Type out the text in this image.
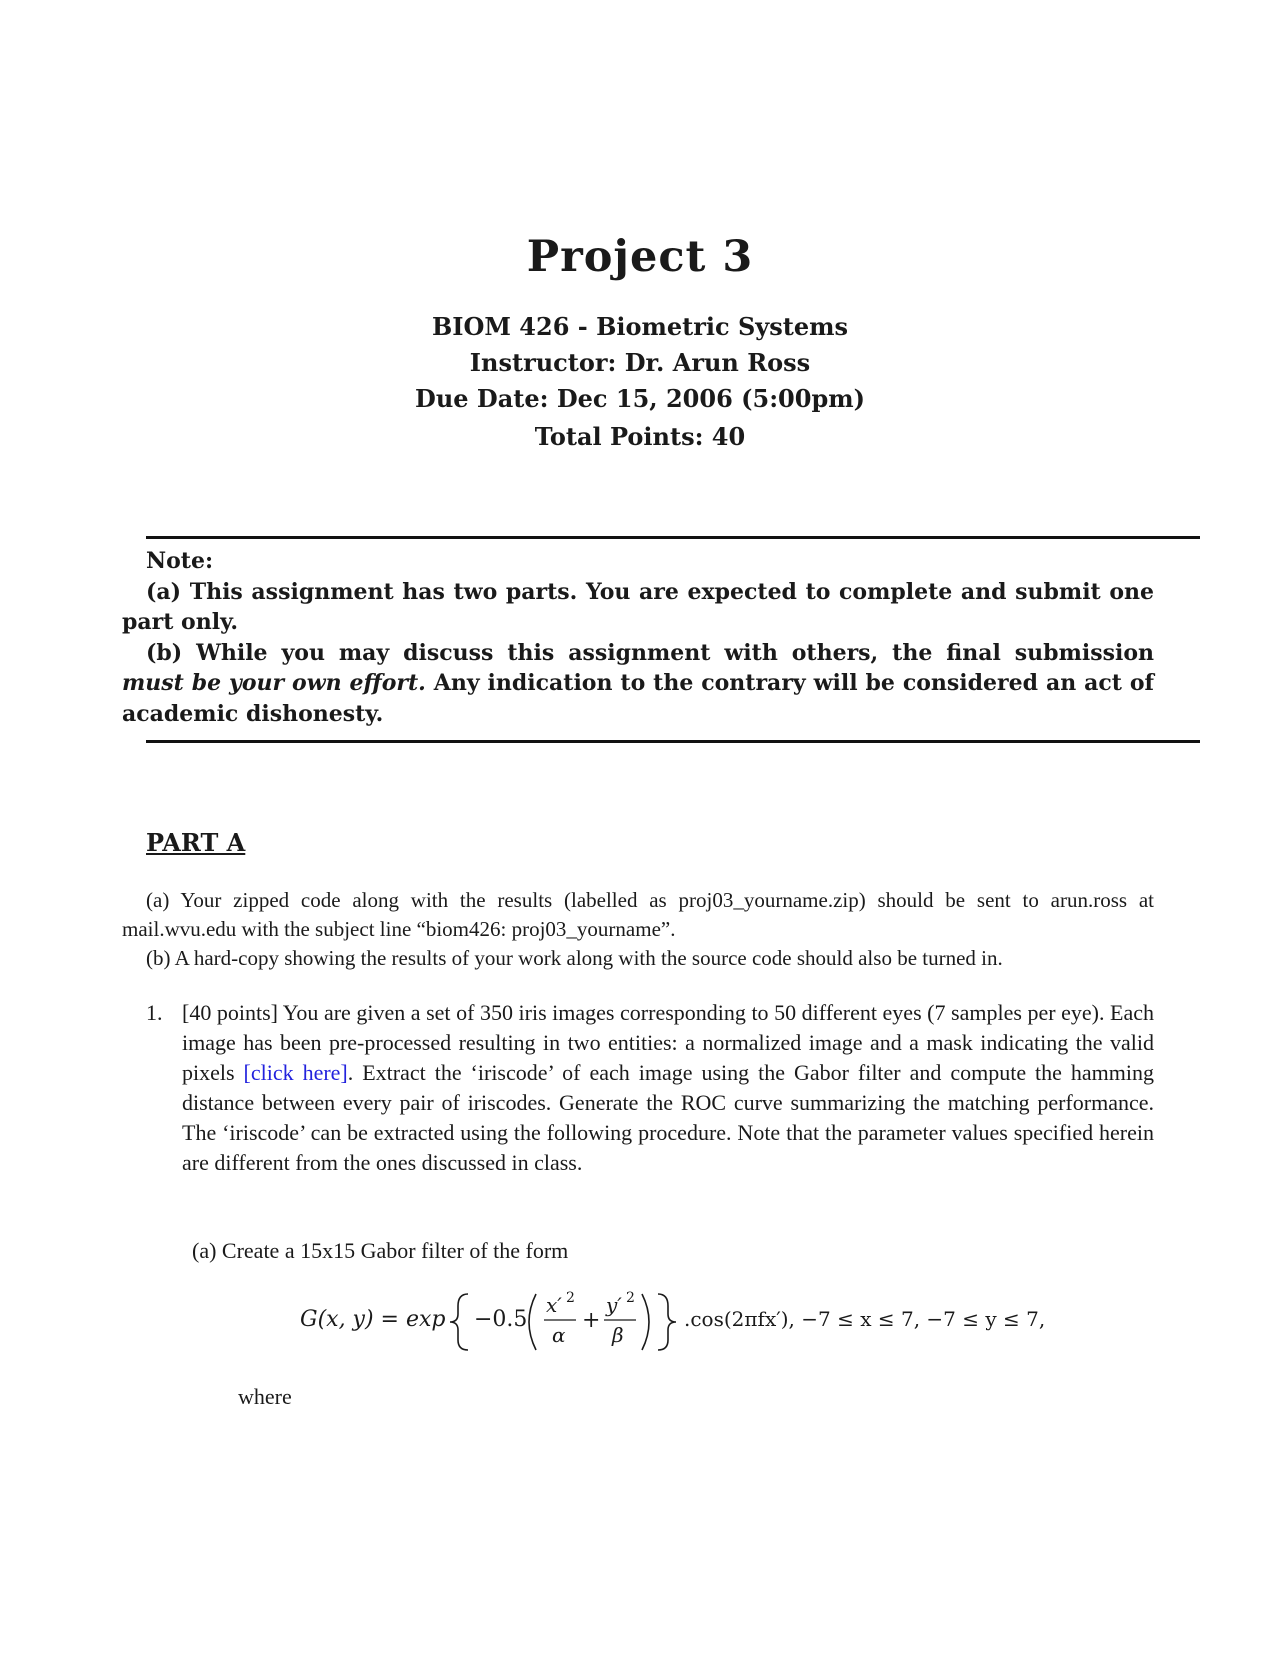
Project 3
BIOM 426 - Biometric Systems
Instructor: Dr. Arun Ross
Due Date: Dec 15, 2006 (5:00pm)
Total Points: 40

Note:

(a) This assignment has two parts. You are expected to complete and submit one part only.

(b) While you may discuss this assignment with others, the final submission must be your own effort. Any indication to the contrary will be considered an act of academic dishonesty.

PART A

(a) Your zipped code along with the results (labelled as proj03_yourname.zip) should be sent to arun.ross at mail.wvu.edu with the subject line “biom426: proj03_yourname”.

(b) A hard-copy showing the results of your work along with the source code should also be turned in.

1. [40 points] You are given a set of 350 iris images corresponding to 50 different eyes (7 samples per eye). Each image has been pre-processed resulting in two entities: a normalized image and a mask indicating the valid pixels [click here]. Extract the ‘iriscode’ of each image using the Gabor filter and compute the hamming distance between every pair of iriscodes. Generate the ROC curve summarizing the matching performance. The ‘iriscode’ can be extracted using the following procedure. Note that the parameter values specified herein are different from the ones discussed in class.
(a) Create a 15x15 Gabor filter of the form
G(x, y) = exp −0.5
x′ 2
α
+
y′ 2
β
.cos(2πfx′), −7 ≤ x ≤ 7, −7 ≤ y ≤ 7,
where
